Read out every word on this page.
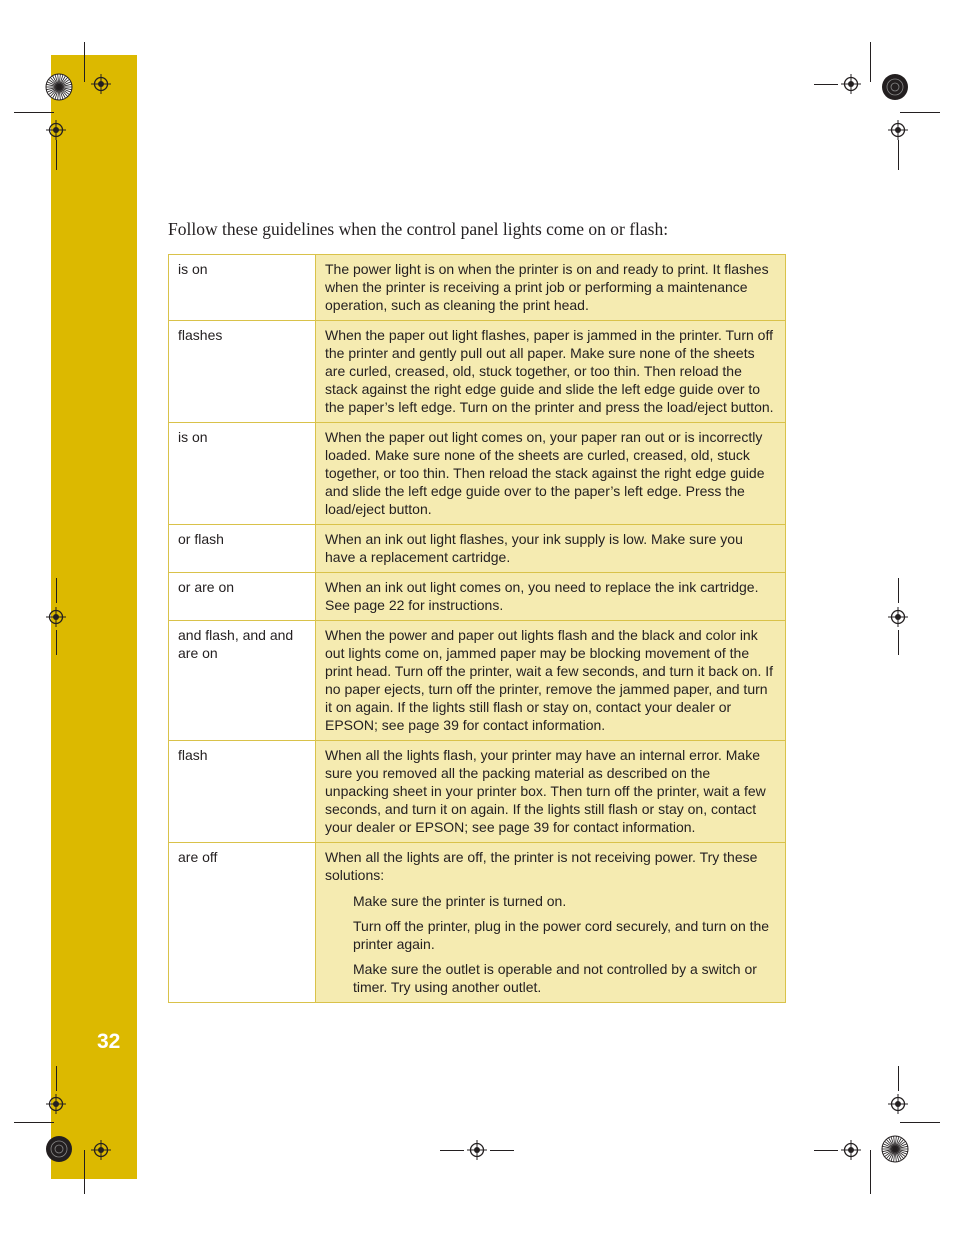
32
Follow these guidelines when the control panel lights come on or flash:
is on	The power light is on when the printer is on and ready to print. It flashes when the printer is receiving a print job or performing a maintenance operation, such as cleaning the print head.

flashes	When the paper out light flashes, paper is jammed in the printer. Turn off the printer and gently pull out all paper. Make sure none of the sheets are curled, creased, old, stuck together, or too thin. Then reload the stack against the right edge guide and slide the left edge guide over to the paper’s left edge. Turn on the printer and press the load/eject button.

is on	When the paper out light comes on, your paper ran out or is incorrectly loaded. Make sure none of the sheets are curled, creased, old, stuck together, or too thin. Then reload the stack against the right edge guide and slide the left edge guide over to the paper’s left edge. Press the load/eject button.

or flash	When an ink out light flashes, your ink supply is low. Make sure you have a replacement cartridge.

or are on	When an ink out light comes on, you need to replace the ink cartridge. See page 22 for instructions.

and flash, and and are on	When the power and paper out lights flash and the black and color ink out lights come on, jammed paper may be blocking movement of the print head. Turn off the printer, wait a few seconds, and turn it back on. If no paper ejects, turn off the printer, remove the jammed paper, and turn it on again. If the lights still flash or stay on, contact your dealer or EPSON; see page 39 for contact information.

flash	When all the lights flash, your printer may have an internal error. Make sure you removed all the packing material as described on the unpacking sheet in your printer box. Then turn off the printer, wait a few seconds, and turn it on again. If the lights still flash or stay on, contact your dealer or EPSON; see page 39 for contact information.

are off	When all the lights are off, the printer is not receiving power. Try these solutions:
Make sure the printer is turned on.
Turn off the printer, plug in the power cord securely, and turn on the printer again.
Make sure the outlet is operable and not controlled by a switch or timer. Try using another outlet.
